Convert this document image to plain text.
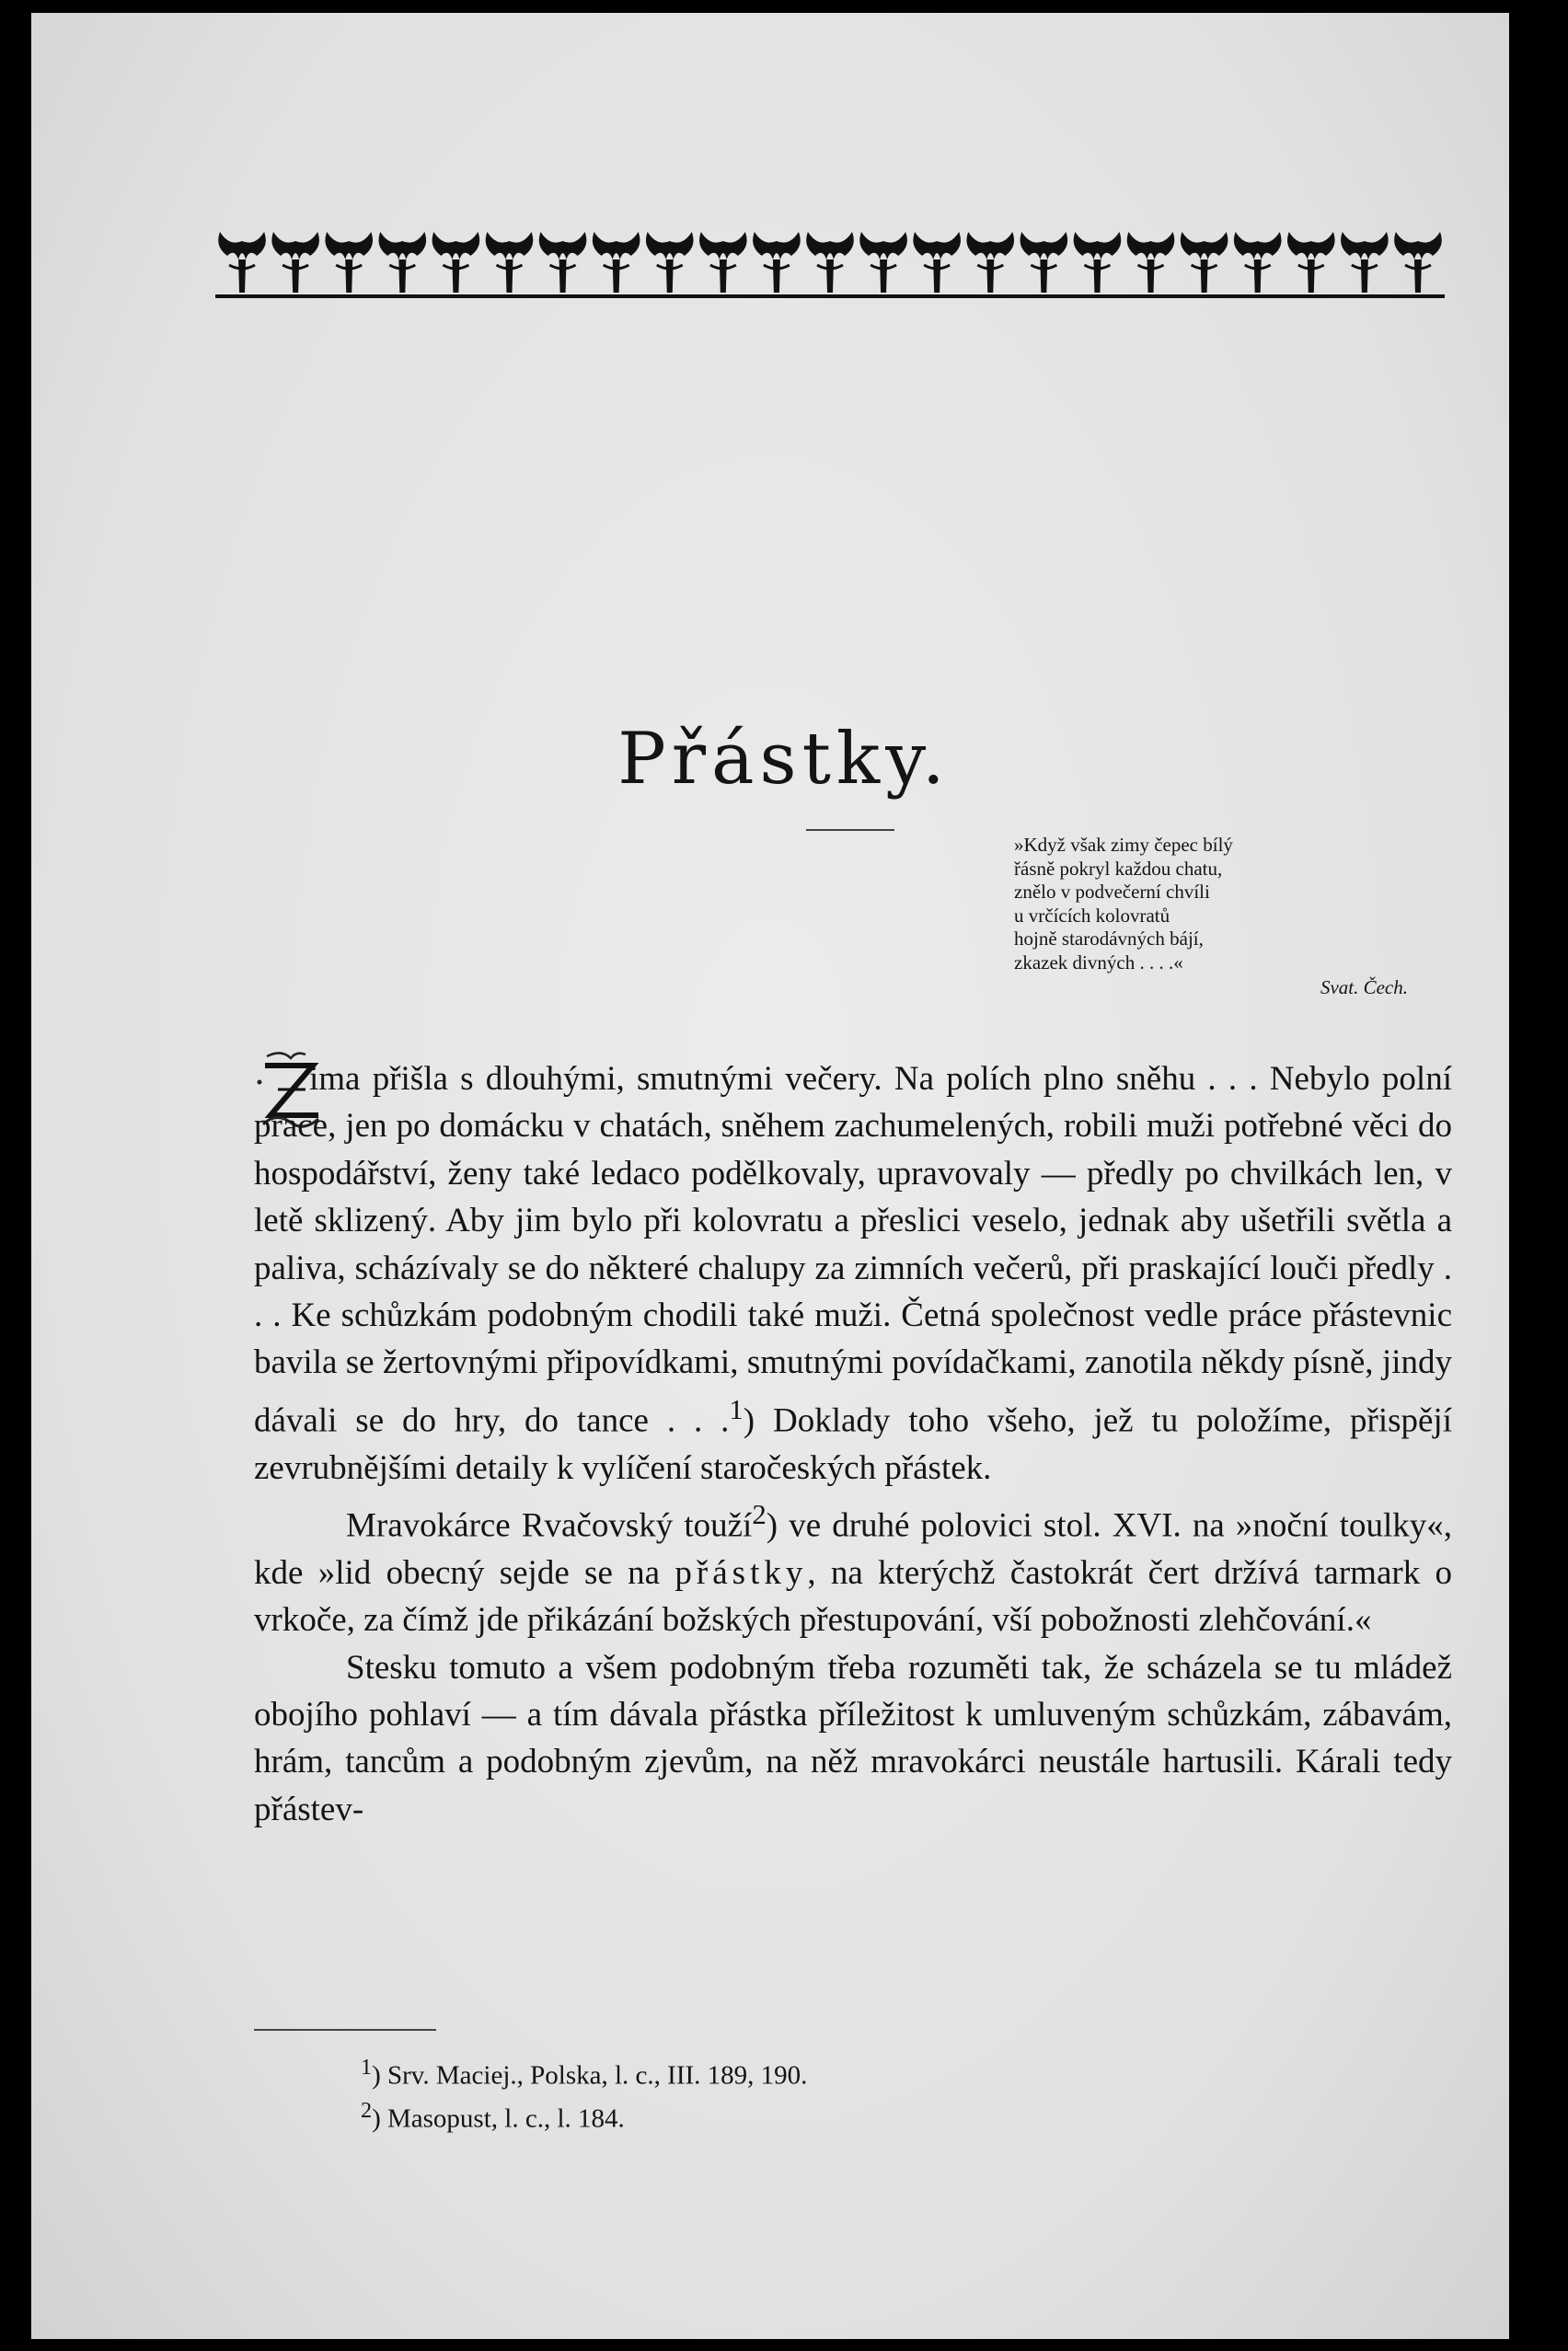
Přástky.
»Když však zimy čepec bílý
řásně pokryl každou chatu,
znělo v podvečerní chvíli
u vrčících kolovratů
hojně starodávných bájí,
zkazek divných . . . .«
Svat. Čech.

ima přišla s dlouhými, smutnými večery. Na polích plno sněhu . . . Nebylo polní práce, jen po domácku v chatách, sněhem zachumelených, robili muži potřebné věci do hospodářství, ženy také ledaco podělkovaly, upravovaly — předly po chvilkách len, v letě sklizený. Aby jim bylo při kolovratu a přeslici veselo, jednak aby ušetřili světla a paliva, scházívaly se do některé chalupy za zimních večerů, při praskající louči předly . . . Ke schůzkám podobným chodili také muži. Četná společnost vedle práce přástevnic bavila se žertovnými připovídkami, smutnými povídačkami, zanotila někdy písně, jindy dávali se do hry, do tance . . .$^1$) Doklady toho všeho, jež tu položíme, přispějí zevrubnějšími detaily k vylíčení staročeských přástek.

Mravokárce Rvačovský touží$^2$) ve druhé polovici stol. XVI. na »noční toulky«, kde »lid obecný sejde se na přástky, na kterýchž častokrát čert držívá tarmark o vrkoče, za čímž jde přikázání božských přestupování, vší pobožnosti zlehčování.«

Stesku tomuto a všem podobným třeba rozuměti tak, že scházela se tu mládež obojího pohlaví — a tím dávala přástka příležitost k umluveným schůzkám, zábavám, hrám, tancům a podobným zjevům, na něž mravokárci neustále hartusili. Kárali tedy přástev-

$^1$) Srv. Maciej., Polska, l. c., III. 189, 190.
$^2$) Masopust, l. c., l. 184.
